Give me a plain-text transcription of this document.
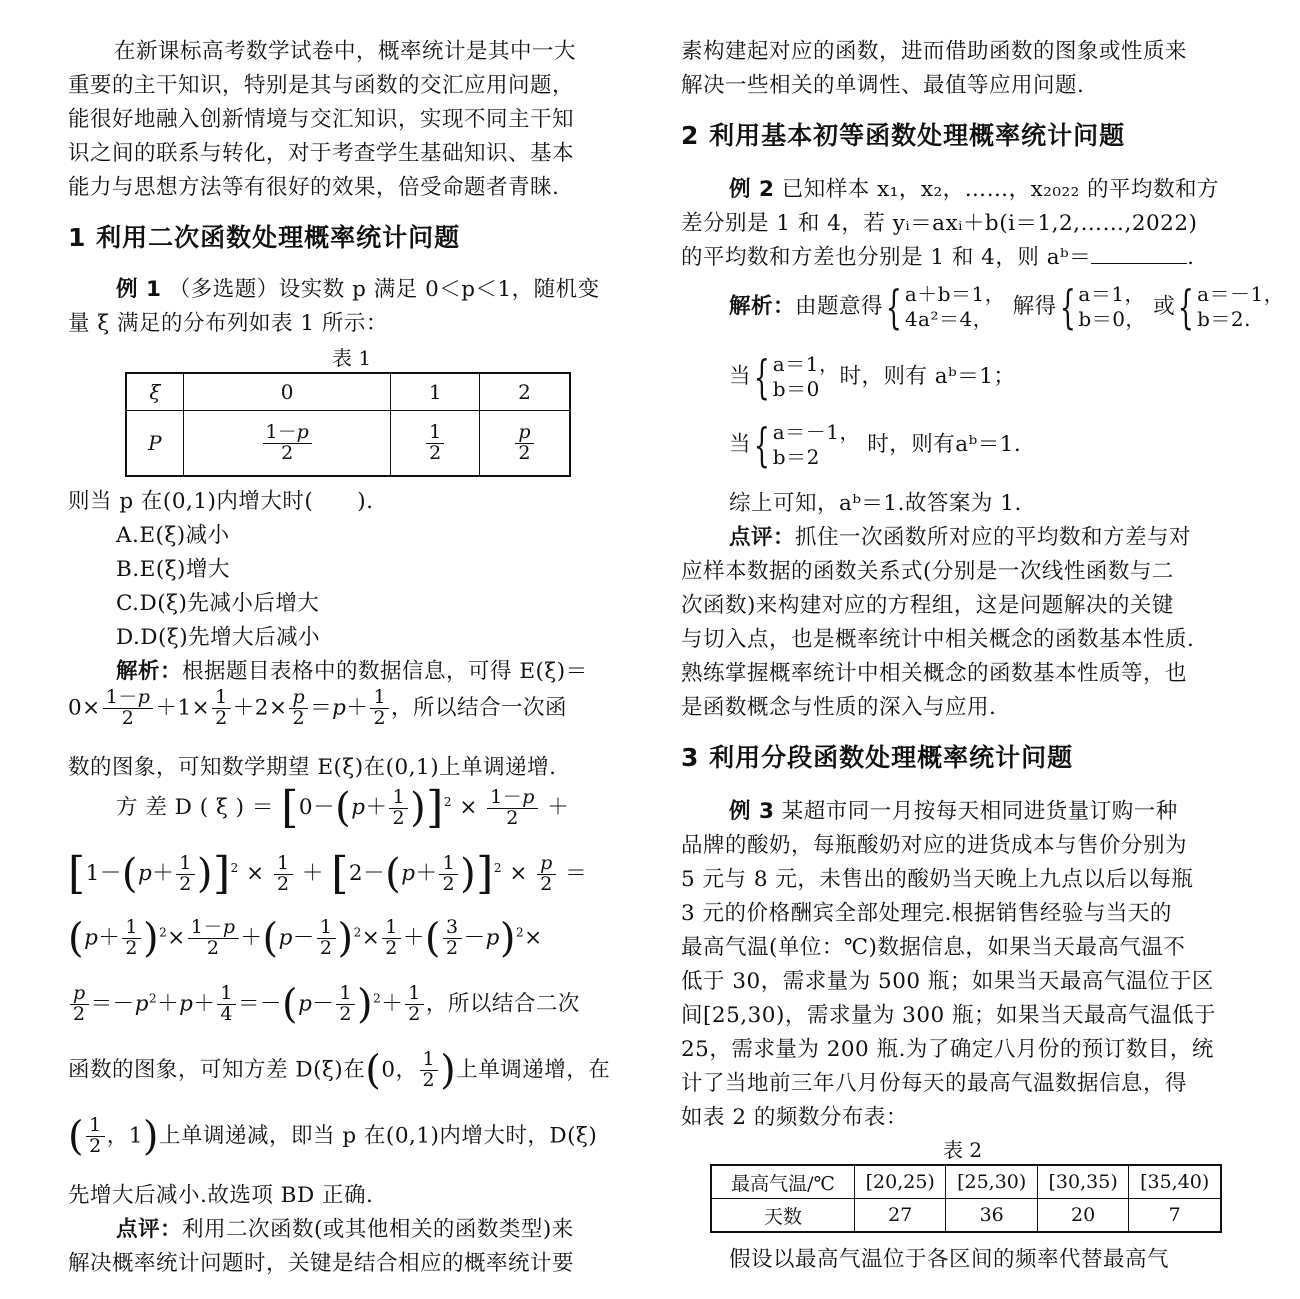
在新课标高考数学试卷中，概率统计是其中一大
重要的主干知识，特别是其与函数的交汇应用问题，
能很好地融入创新情境与交汇知识，实现不同主干知
识之间的联系与转化，对于考查学生基础知识、基本
能力与思想方法等有很好的效果，倍受命题者青睐.
1 利用二次函数处理概率统计问题
例 1 （多选题）设实数 p 满足 0＜p＜1，随机变
量 ξ 满足的分布列如表 1 所示：
表 1
ξ	0	1	2
P	$\frac{1-p}{2}$	$\frac{1}{2}$	$\frac{p}{2}$
则当 p 在(0,1)内增大时(　　).
A.E(ξ)减小
B.E(ξ)增大
C.D(ξ)先减小后增大
D.D(ξ)先增大后减小
解析：根据题目表格中的数据信息，可得 E(ξ)＝
$0\times \frac{1-p}{2} +1\times \frac{1}{2} +2\times \frac{p}{2} =p+ \frac{1}{2}$ ，所以结合一次函
数的图象，可知数学期望 E(ξ)在(0,1)上单调递增.
方 差 D ( ξ ) ＝ $[0-(p+ \frac{1}{2} )]^2 \times \frac{1-p}{2}$ ＋
$[1-(p+ \frac{1}{2} )]^2 \times \frac{1}{2} + [2-(p+ \frac{1}{2} )]^2 \times \frac{p}{2}$ ＝
$(p+ \frac{1}{2} )^2\times \frac{1-p}{2} +(p- \frac{1}{2} )^2\times \frac{1}{2}$ ＋( $\frac{3}{2} -p)^2\times$
$\frac{p}{2} =-p^2+p+ \frac{1}{4} =-(p- \frac{1}{2} )^2+ \frac{1}{2}$ ，所以结合二次
函数的图象，可知方差 D(ξ)在(0， $\frac{1}{2}$ )上单调递增，在
( $\frac{1}{2}$ ，1)上单调递减，即当 p 在(0,1)内增大时，D(ξ)
先增大后减小.故选项 BD 正确.
点评：利用二次函数(或其他相关的函数类型)来
解决概率统计问题时，关键是结合相应的概率统计要
素构建起对应的函数，进而借助函数的图象或性质来
解决一些相关的单调性、最值等应用问题.
2 利用基本初等函数处理概率统计问题
例 2 已知样本 x₁，x₂，……，x₂₀₂₂ 的平均数和方
差分别是 1 和 4，若 yᵢ＝axᵢ＋b(i＝1,2,……,2022)
的平均数和方差也分别是 1 和 4，则 aᵇ＝	.
解析：由题意得{ a＋b＝1，
4a²＝4， 解得{ a＝1，
b＝0， 或{ a＝－1，
b＝2.
当{ a＝1，
b＝0 时，则有 aᵇ＝1；
当{ a＝－1，
b＝2	时，则有aᵇ＝1.
综上可知，aᵇ＝1.故答案为 1.
点评：抓住一次函数所对应的平均数和方差与对
应样本数据的函数关系式(分别是一次线性函数与二
次函数)来构建对应的方程组，这是问题解决的关键
与切入点，也是概率统计中相关概念的函数基本性质.
熟练掌握概率统计中相关概念的函数基本性质等，也
是函数概念与性质的深入与应用.
3 利用分段函数处理概率统计问题
例 3 某超市同一月按每天相同进货量订购一种
品牌的酸奶，每瓶酸奶对应的进货成本与售价分别为
5 元与 8 元，未售出的酸奶当天晚上九点以后以每瓶
3 元的价格酬宾全部处理完.根据销售经验与当天的
最高气温(单位：℃)数据信息，如果当天最高气温不
低于 30，需求量为 500 瓶；如果当天最高气温位于区
间[25,30)，需求量为 300 瓶；如果当天最高气温低于
25，需求量为 200 瓶.为了确定八月份的预订数目，统
计了当地前三年八月份每天的最高气温数据信息，得
如表 2 的频数分布表：
表 2
最高气温/℃	[20,25)	[25,30)	[30,35)	[35,40)
天数	27	36	20	7
假设以最高气温位于各区间的频率代替最高气
